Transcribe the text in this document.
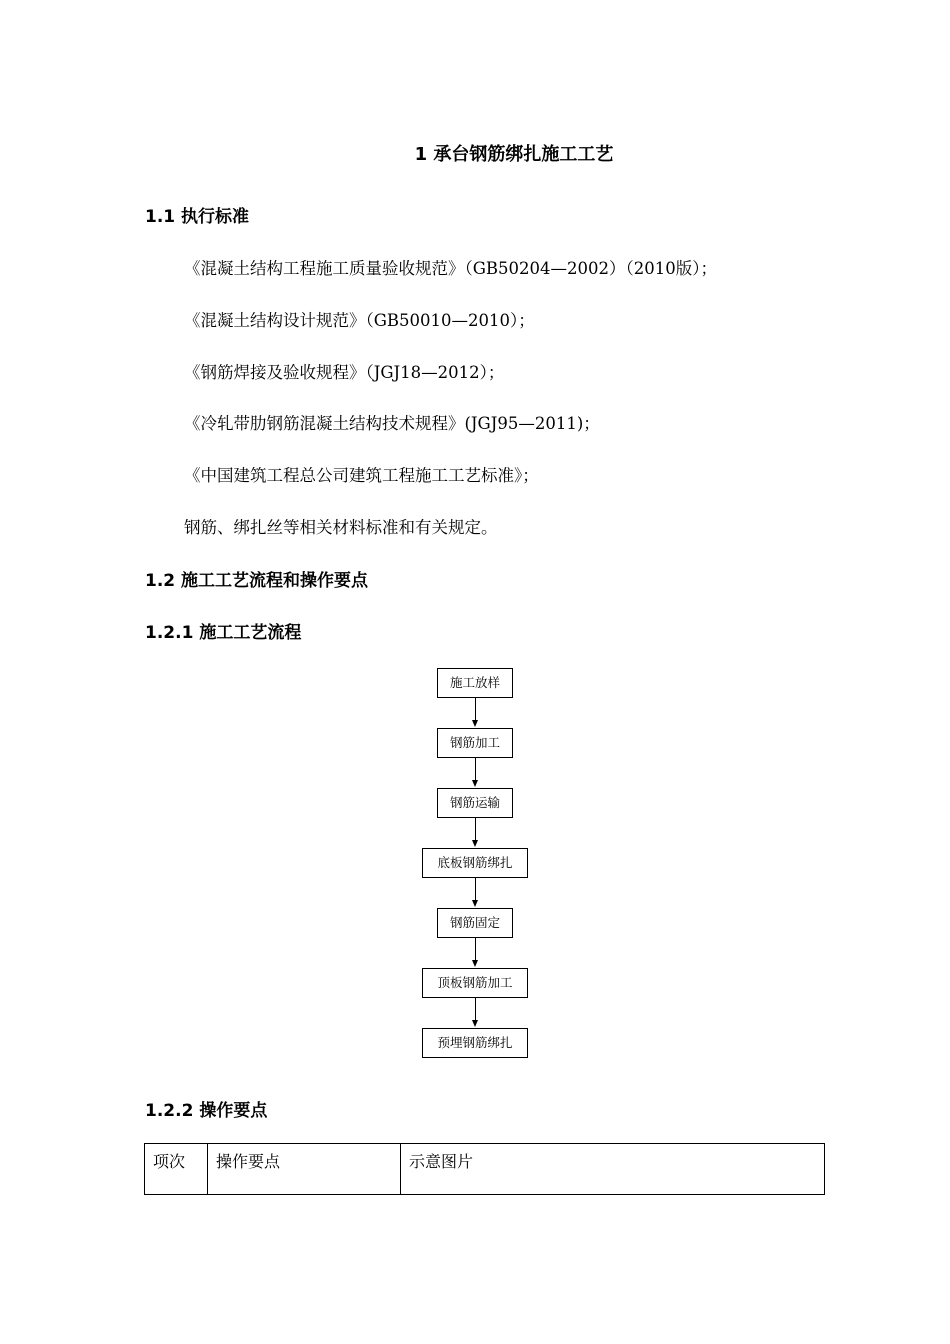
1 承台钢筋绑扎施工工艺
1.1 执行标准
《混凝土结构工程施工质量验收规范》（GB50204—2002）（2010版）；
《混凝土结构设计规范》（GB50010—2010）；
《钢筋焊接及验收规程》（JGJ18—2012）；
《冷轧带肋钢筋混凝土结构技术规程》(JGJ95—2011)；
《中国建筑工程总公司建筑工程施工工艺标准》；
钢筋、绑扎丝等相关材料标准和有关规定。
1.2 施工工艺流程和操作要点
1.2.1 施工工艺流程
施工放样
钢筋加工
钢筋运输
底板钢筋绑扎
钢筋固定
顶板钢筋加工
预埋钢筋绑扎
1.2.2 操作要点
项次	操作要点	示意图片
